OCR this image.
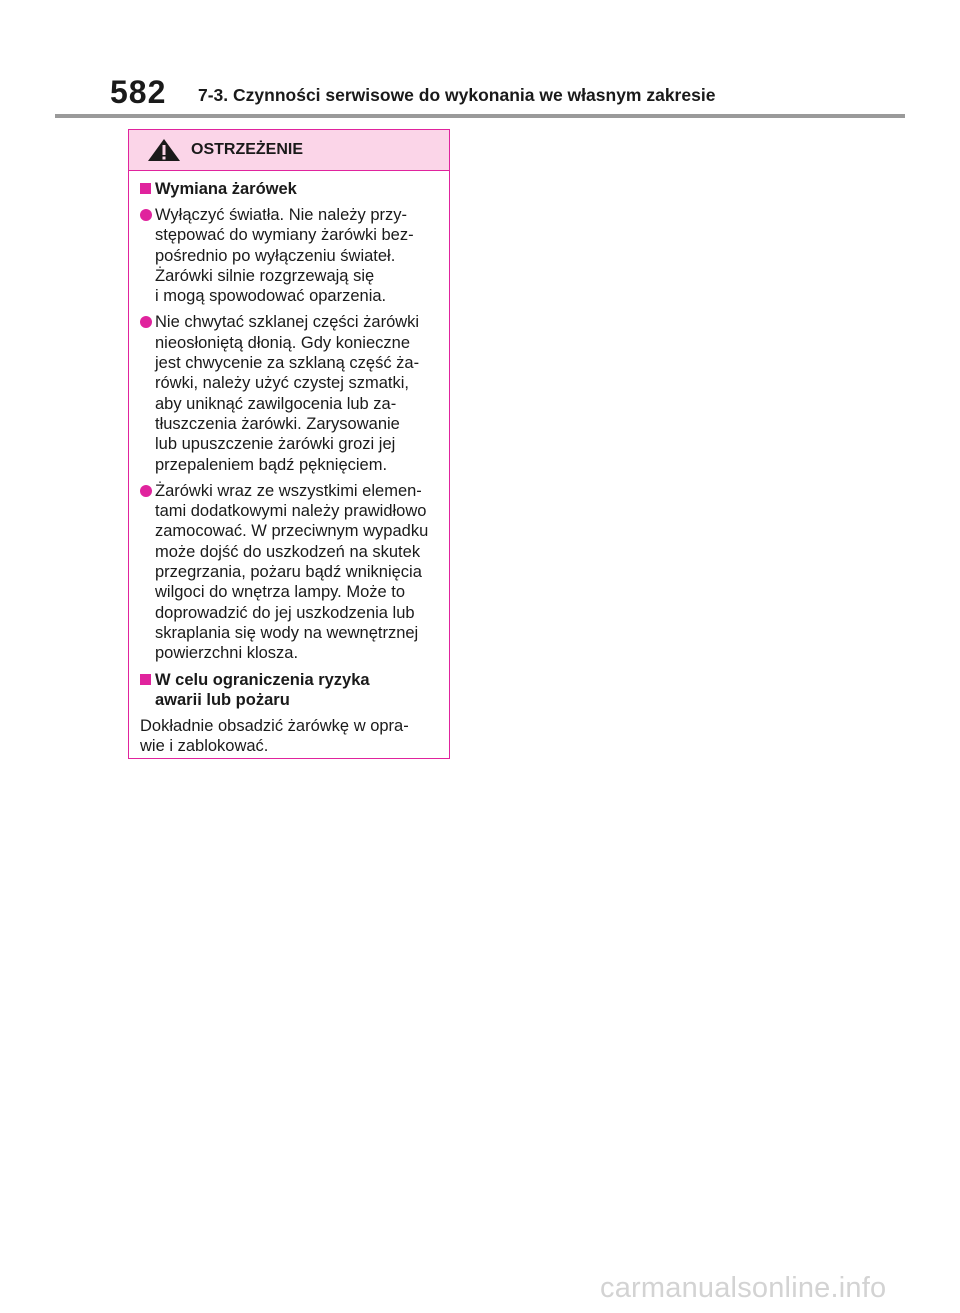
582 7-3. Czynności serwisowe do wykonania we własnym zakresie
OSTRZEŻENIE
Wymiana żarówek
Wyłączyć światła. Nie należy przy-
stępować do wymiany żarówki bez-
pośrednio po wyłączeniu świateł.
Żarówki silnie rozgrzewają się
i mogą spowodować oparzenia.
Nie chwytać szklanej części żarówki
nieosłoniętą dłonią. Gdy konieczne
jest chwycenie za szklaną część ża-
rówki, należy użyć czystej szmatki,
aby uniknąć zawilgocenia lub za-
tłuszczenia żarówki. Zarysowanie
lub upuszczenie żarówki grozi jej
przepaleniem bądź pęknięciem.
Żarówki wraz ze wszystkimi elemen-
tami dodatkowymi należy prawidłowo
zamocować. W przeciwnym wypadku
może dojść do uszkodzeń na skutek
przegrzania, pożaru bądź wniknięcia
wilgoci do wnętrza lampy. Może to
doprowadzić do jej uszkodzenia lub
skraplania się wody na wewnętrznej
powierzchni klosza.
W celu ograniczenia ryzyka
awarii lub pożaru
Dokładnie obsadzić żarówkę w opra-
wie i zablokować.
carmanualsonline.info
